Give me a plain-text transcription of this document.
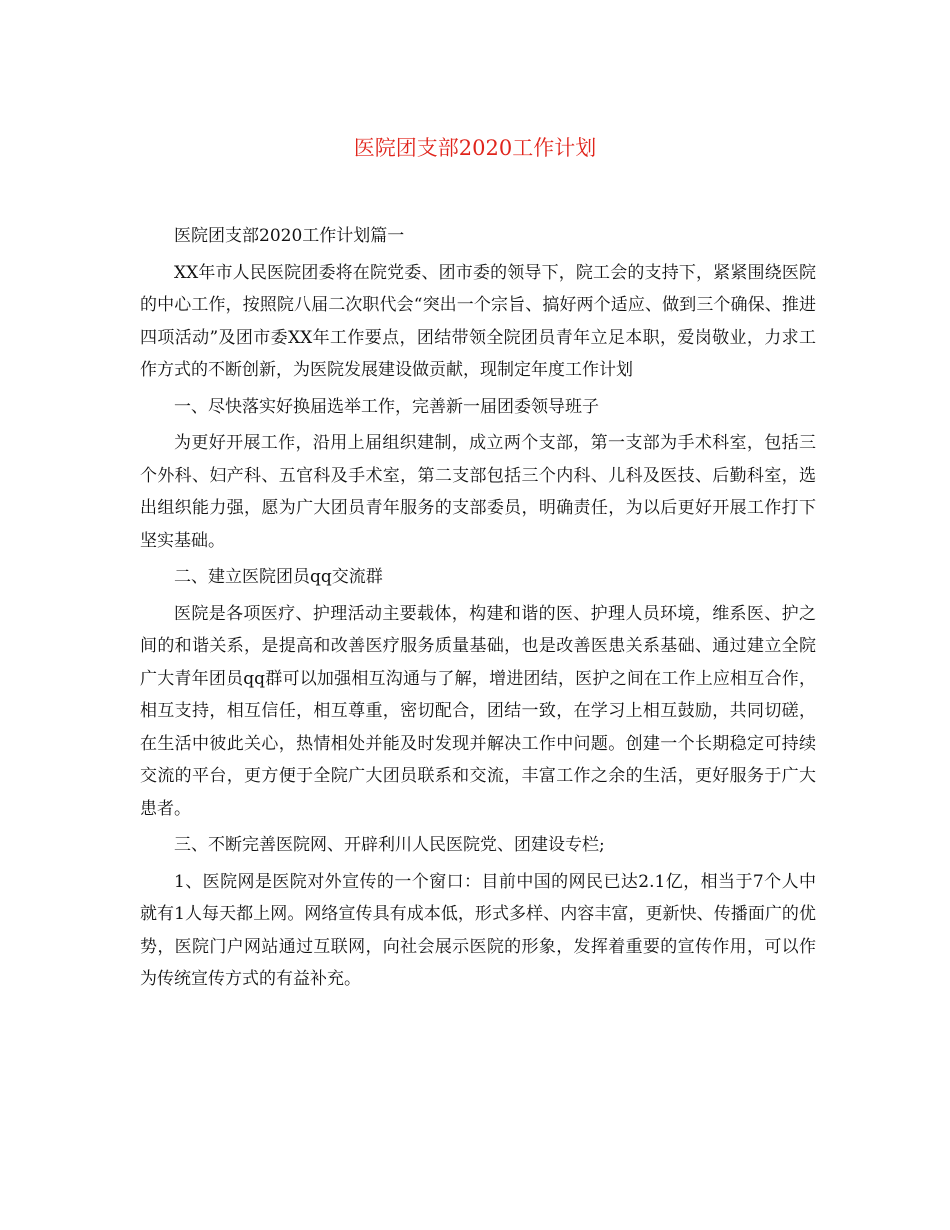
医院团支部2020工作计划

医院团支部2020工作计划篇一

XX年市人民医院团委将在院党委、团市委的领导下，院工会的支持下，紧紧围绕医院的中心工作，按照院八届二次职代会“突出一个宗旨、搞好两个适应、做到三个确保、推进四项活动”及团市委XX年工作要点，团结带领全院团员青年立足本职，爱岗敬业，力求工作方式的不断创新，为医院发展建设做贡献，现制定年度工作计划

一、尽快落实好换届选举工作，完善新一届团委领导班子

为更好开展工作，沿用上届组织建制，成立两个支部，第一支部为手术科室，包括三个外科、妇产科、五官科及手术室，第二支部包括三个内科、儿科及医技、后勤科室，选出组织能力强，愿为广大团员青年服务的支部委员，明确责任，为以后更好开展工作打下坚实基础。

二、建立医院团员qq交流群

医院是各项医疗、护理活动主要载体，构建和谐的医、护理人员环境，维系医、护之间的和谐关系，是提高和改善医疗服务质量基础，也是改善医患关系基础、通过建立全院广大青年团员qq群可以加强相互沟通与了解，增进团结，医护之间在工作上应相互合作，相互支持，相互信任，相互尊重，密切配合，团结一致，在学习上相互鼓励，共同切磋，在生活中彼此关心，热情相处并能及时发现并解决工作中问题。创建一个长期稳定可持续交流的平台，更方便于全院广大团员联系和交流，丰富工作之余的生活，更好服务于广大患者。

三、不断完善医院网、开辟利川人民医院党、团建设专栏;

1、医院网是医院对外宣传的一个窗口：目前中国的网民已达2.1亿，相当于7个人中就有1人每天都上网。网络宣传具有成本低，形式多样、内容丰富，更新快、传播面广的优势，医院门户网站通过互联网，向社会展示医院的形象，发挥着重要的宣传作用，可以作为传统宣传方式的有益补充。
